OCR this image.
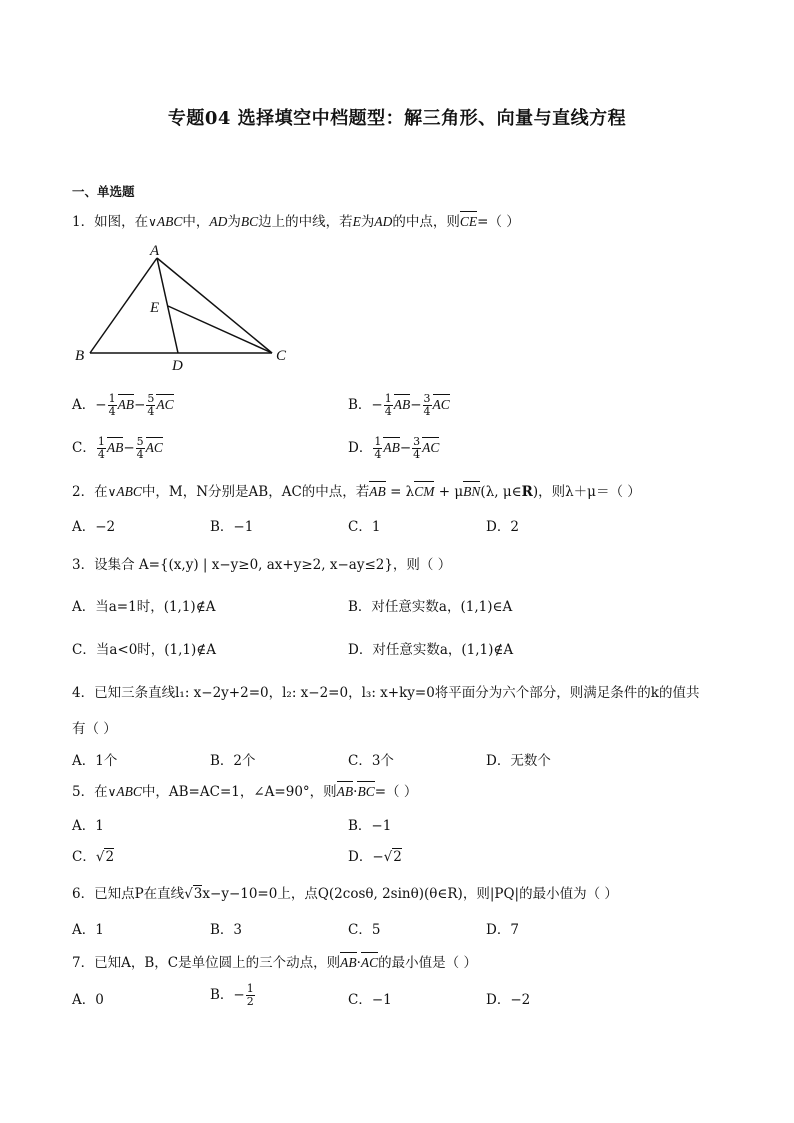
专题04 选择填空中档题型：解三角形、向量与直线方程
一、单选题
1．如图，在∨ABC中，AD为BC边上的中线，若E为AD的中点，则CE=（ ）
A
B	C
D
E
A．− $\frac{1}{4} AB- \frac{5}{4}$ AC	B．− $\frac{1}{4} AB- \frac{3}{4}$ AC
C． $\frac{1}{4} AB- \frac{5}{4}$ AC	D． $\frac{1}{4} AB- \frac{3}{4}$ AC
2．在∨ABC中，M，N分别是AB，AC的中点，若AB = λCM + μBN(λ, μ∈R)，则λ＋μ＝（ ）
A．−2	B．−1	C．1	D．2
3．设集合 A={(x,y) | x−y≥0, ax+y≥2, x−ay≤2}，则（ ）
A．当a=1时，(1,1)∉A	B．对任意实数a，(1,1)∈A
C．当a<0时，(1,1)∉A	D．对任意实数a，(1,1)∉A
4．已知三条直线l₁: x−2y+2=0，l₂: x−2=0，l₃: x+ky=0将平面分为六个部分，则满足条件的k的值共
有（ ）
A．1个	B．2个	C．3个	D．无数个
5．在∨ABC中，AB=AC=1，∠A=90°，则AB·BC=（ ）
A．1	B．−1
C．√2	D．−√2
6．已知点P在直线√3x−y−10=0上，点Q(2cosθ, 2sinθ)(θ∈R)，则|PQ|的最小值为（ ）
A．1	B．3	C．5	D．7
7．已知A，B，C是单位圆上的三个动点，则AB·AC的最小值是（ ）
A．0	B．− $\frac{1}{2}$	C．−1	D．−2
